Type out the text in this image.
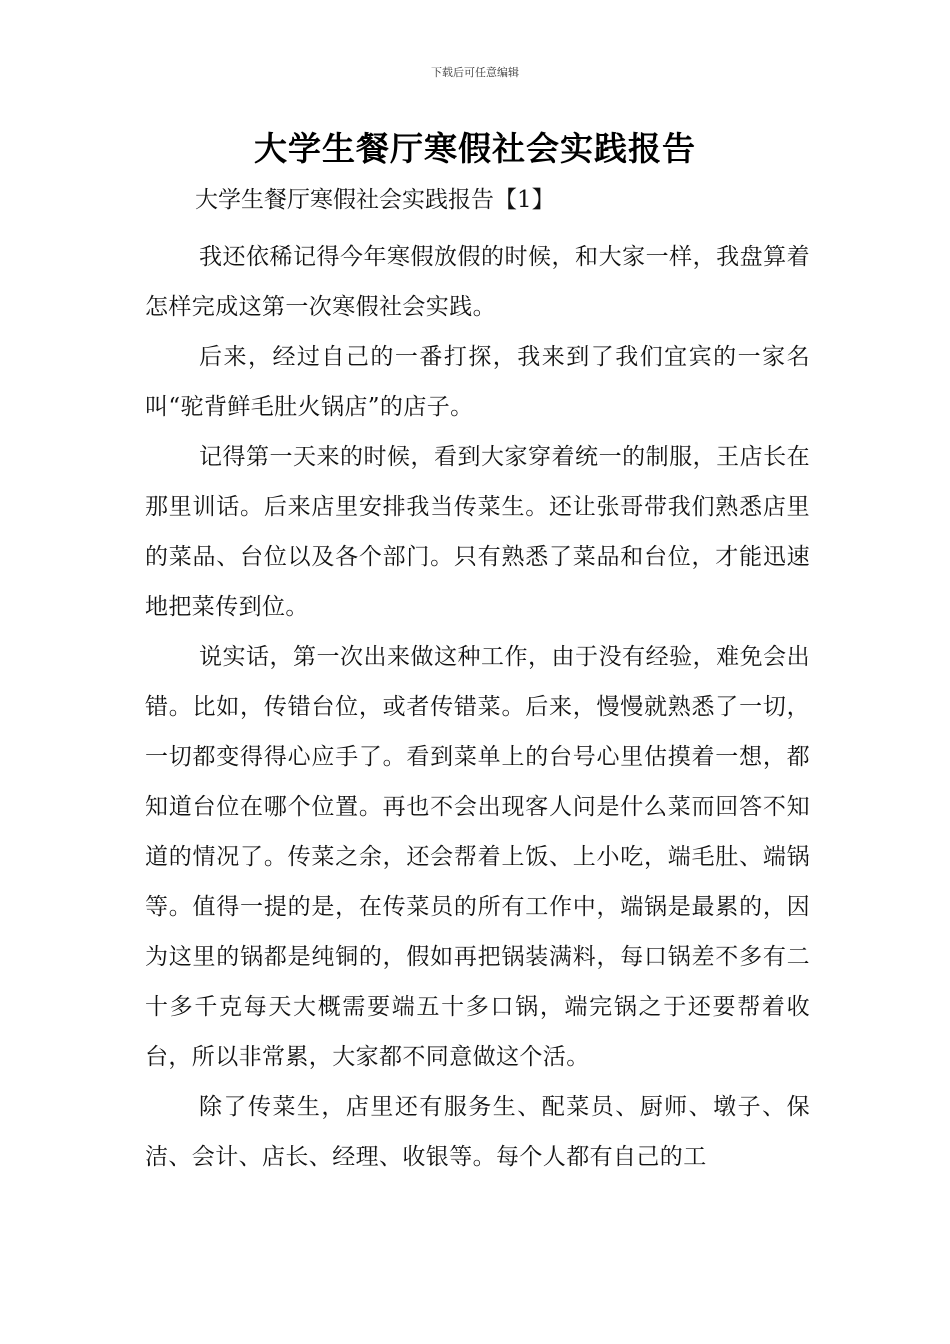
下载后可任意编辑
大学生餐厅寒假社会实践报告
大学生餐厅寒假社会实践报告【1】

我还依稀记得今年寒假放假的时候，和大家一样，我盘算着怎样完成这第一次寒假社会实践。

后来，经过自己的一番打探，我来到了我们宜宾的一家名叫“驼背鲜毛肚火锅店”的店子。

记得第一天来的时候，看到大家穿着统一的制服，王店长在那里训话。后来店里安排我当传菜生。还让张哥带我们熟悉店里的菜品、台位以及各个部门。只有熟悉了菜品和台位，才能迅速地把菜传到位。

说实话，第一次出来做这种工作，由于没有经验，难免会出错。比如，传错台位，或者传错菜。后来，慢慢就熟悉了一切，一切都变得得心应手了。看到菜单上的台号心里估摸着一想，都知道台位在哪个位置。再也不会出现客人问是什么菜而回答不知道的情况了。传菜之余，还会帮着上饭、上小吃，端毛肚、端锅等。值得一提的是，在传菜员的所有工作中，端锅是最累的，因为这里的锅都是纯铜的，假如再把锅装满料，每口锅差不多有二十多千克每天大概需要端五十多口锅，端完锅之于还要帮着收台，所以非常累，大家都不同意做这个活。

除了传菜生，店里还有服务生、配菜员、厨师、墩子、保洁、会计、店长、经理、收银等。每个人都有自己的工
